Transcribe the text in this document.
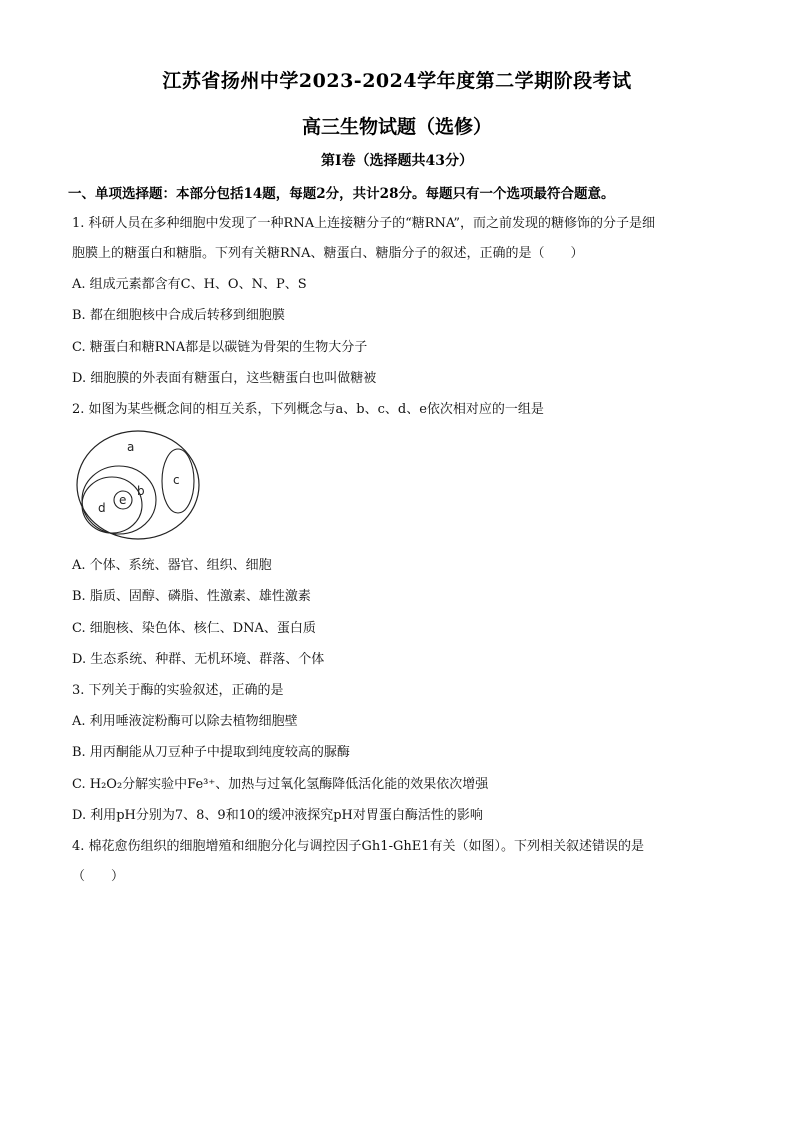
江苏省扬州中学2023-2024学年度第二学期阶段考试
高三生物试题（选修）
第Ⅰ卷（选择题共43分）
一、单项选择题：本部分包括14题，每题2分，共计28分。每题只有一个选项最符合题意。
1. 科研人员在多种细胞中发现了一种RNA上连接糖分子的“糖RNA”，而之前发现的糖修饰的分子是细
胞膜上的糖蛋白和糖脂。下列有关糖RNA、糖蛋白、糖脂分子的叙述，正确的是（　　）
A. 组成元素都含有C、H、O、N、P、S
B. 都在细胞核中合成后转移到细胞膜
C. 糖蛋白和糖RNA都是以碳链为骨架的生物大分子
D. 细胞膜的外表面有糖蛋白，这些糖蛋白也叫做糖被
2. 如图为某些概念间的相互关系，下列概念与a、b、c、d、e依次相对应的一组是
a
b
c
d
e
A. 个体、系统、器官、组织、细胞
B. 脂质、固醇、磷脂、性激素、雄性激素
C. 细胞核、染色体、核仁、DNA、蛋白质
D. 生态系统、种群、无机环境、群落、个体
3. 下列关于酶的实验叙述，正确的是
A. 利用唾液淀粉酶可以除去植物细胞壁
B. 用丙酮能从刀豆种子中提取到纯度较高的脲酶
C. H₂O₂分解实验中Fe³⁺、加热与过氧化氢酶降低活化能的效果依次增强
D. 利用pH分别为7、8、9和10的缓冲液探究pH对胃蛋白酶活性的影响
4. 棉花愈伤组织的细胞增殖和细胞分化与调控因子Gh1-GhE1有关（如图）。下列相关叙述错误的是
（　　）
